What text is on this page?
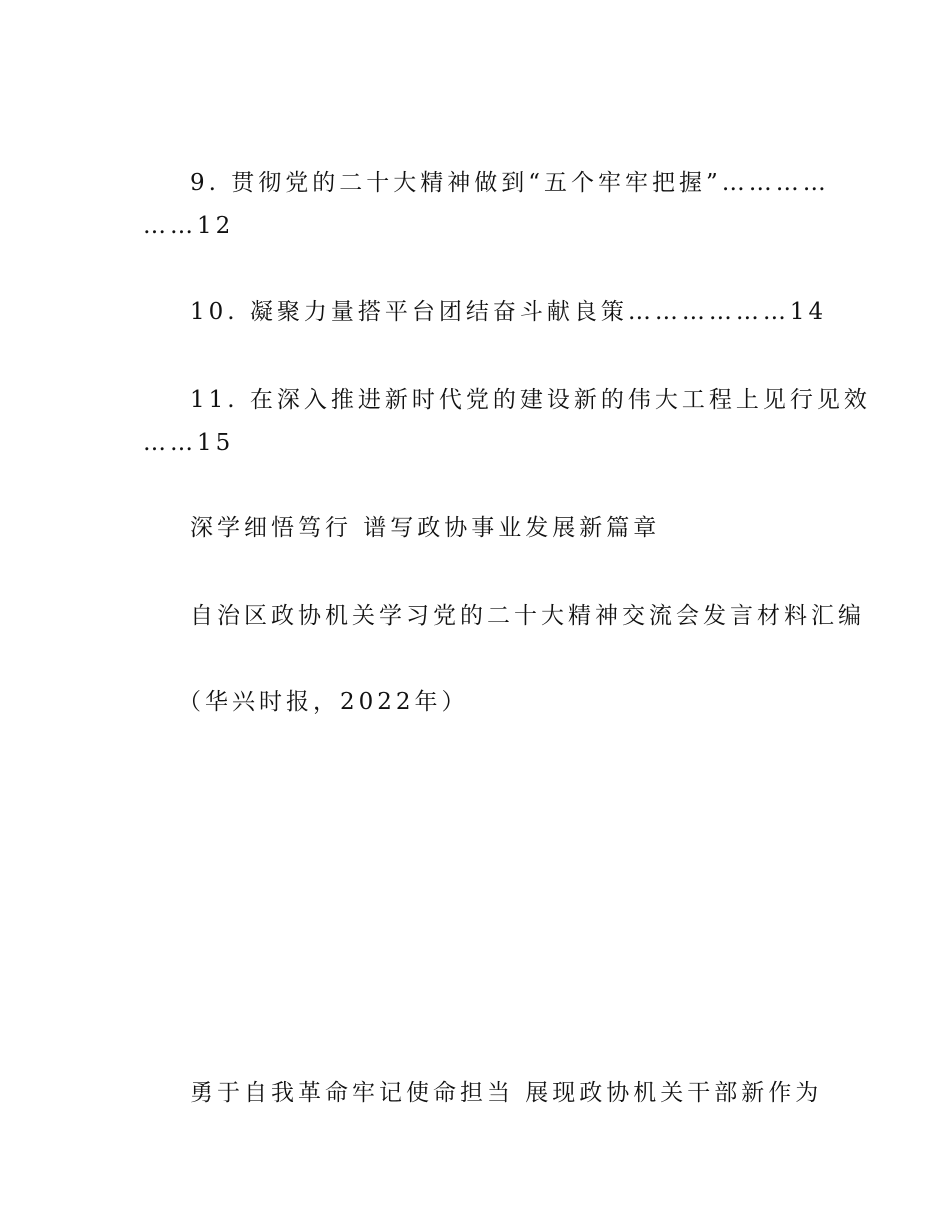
9. 贯彻党的二十大精神做到“五个牢牢把握”…………
……12
10. 凝聚力量搭平台团结奋斗献良策………………14
11. 在深入推进新时代党的建设新的伟大工程上见行见效
……15
深学细悟笃行 谱写政协事业发展新篇章
自治区政协机关学习党的二十大精神交流会发言材料汇编
（华兴时报，2022年）
勇于自我革命牢记使命担当 展现政协机关干部新作为
